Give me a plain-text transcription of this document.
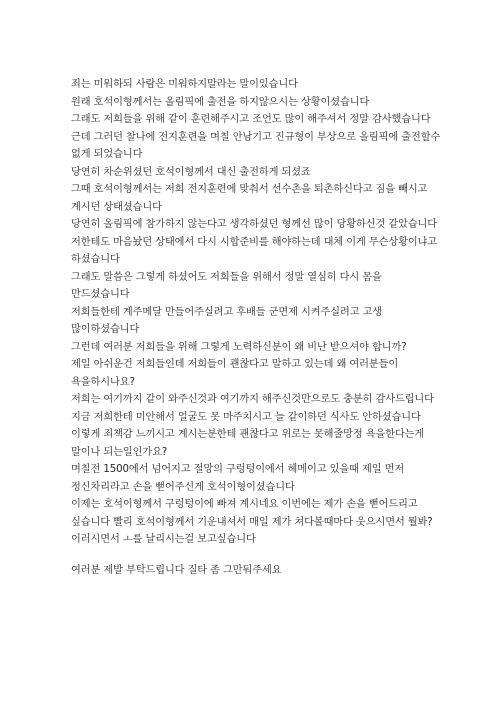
죄는 미워하되 사람은 미워하지말라는 말이있습니다

원래 호석이형께서는 올림픽에 출전을 하지않으시는 상황이셨습니다

그래도 저희들을 위해 같이 훈련해주시고 조언도 많이 해주셔서 정말 감사했습니다

근데 그러던 찰나에 전지훈련을 며칠 안남기고 진규형이 부상으로 올림픽에 출전할수 없게 되었습니다

당연히 차순위셨던 호석이형께서 대신 출전하게 되셨죠

그때 호석이형께서는 저희 전지훈련에 맞춰서 선수촌을 퇴촌하신다고 짐을 빼시고 계시던 상태셨습니다

당연히 올림픽에 참가하지 않는다고 생각하셨던 형께선 많이 당황하신것 같았습니다

저한테도 마음놨던 상태에서 다시 시합준비를 해야하는데 대체 이게 무슨상황이냐고 하셨습니다

그래도 말씀은 그렇게 하셨어도 저희들을 위해서 정말 열심히 다시 몸을 만드셨습니다

저희들한테 계주메달 만들어주실려고 후배들 군면제 시켜주실려고 고생 많이하셨습니다

그런데 여러분 저희들을 위해 그렇게 노력하신분이 왜 비난 받으셔야 합니까?

제일 아쉬운건 저희들인데 저희들이 괜찮다고 말하고 있는데 왜 여러분들이 욕을하시나요?

저희는 여기까지 같이 와주신것과 여기까지 해주신것만으로도 충분히 감사드립니다

지금 저희한테 미안해서 얼굴도 못 마주치시고 늘 같이하던 식사도 안하셨습니다

이렇게 죄책감 느끼시고 계시는분한테 괜찮다고 위로는 못해줄망정 욕을한다는게 말이나 되는일인가요?

며칠전 1500에서 넘어지고 절망의 구렁텅이에서 헤메이고 있을때 제일 먼저 정신차리라고 손을 뻗어주신게 호석이형이셨습니다

이제는 호석이형께서 구렁텅이에 빠져 계시네요 이번에는 제가 손을 뻗어드리고 싶습니다 빨리 호석이형께서 기운내셔서 매일 제가 쳐다볼때마다 웃으시면서 뭘봐? 이러시면서 ㅗ를 날리시는걸 보고싶습니다

여러분 제발 부탁드립니다 질타 좀 그만둬주세요
